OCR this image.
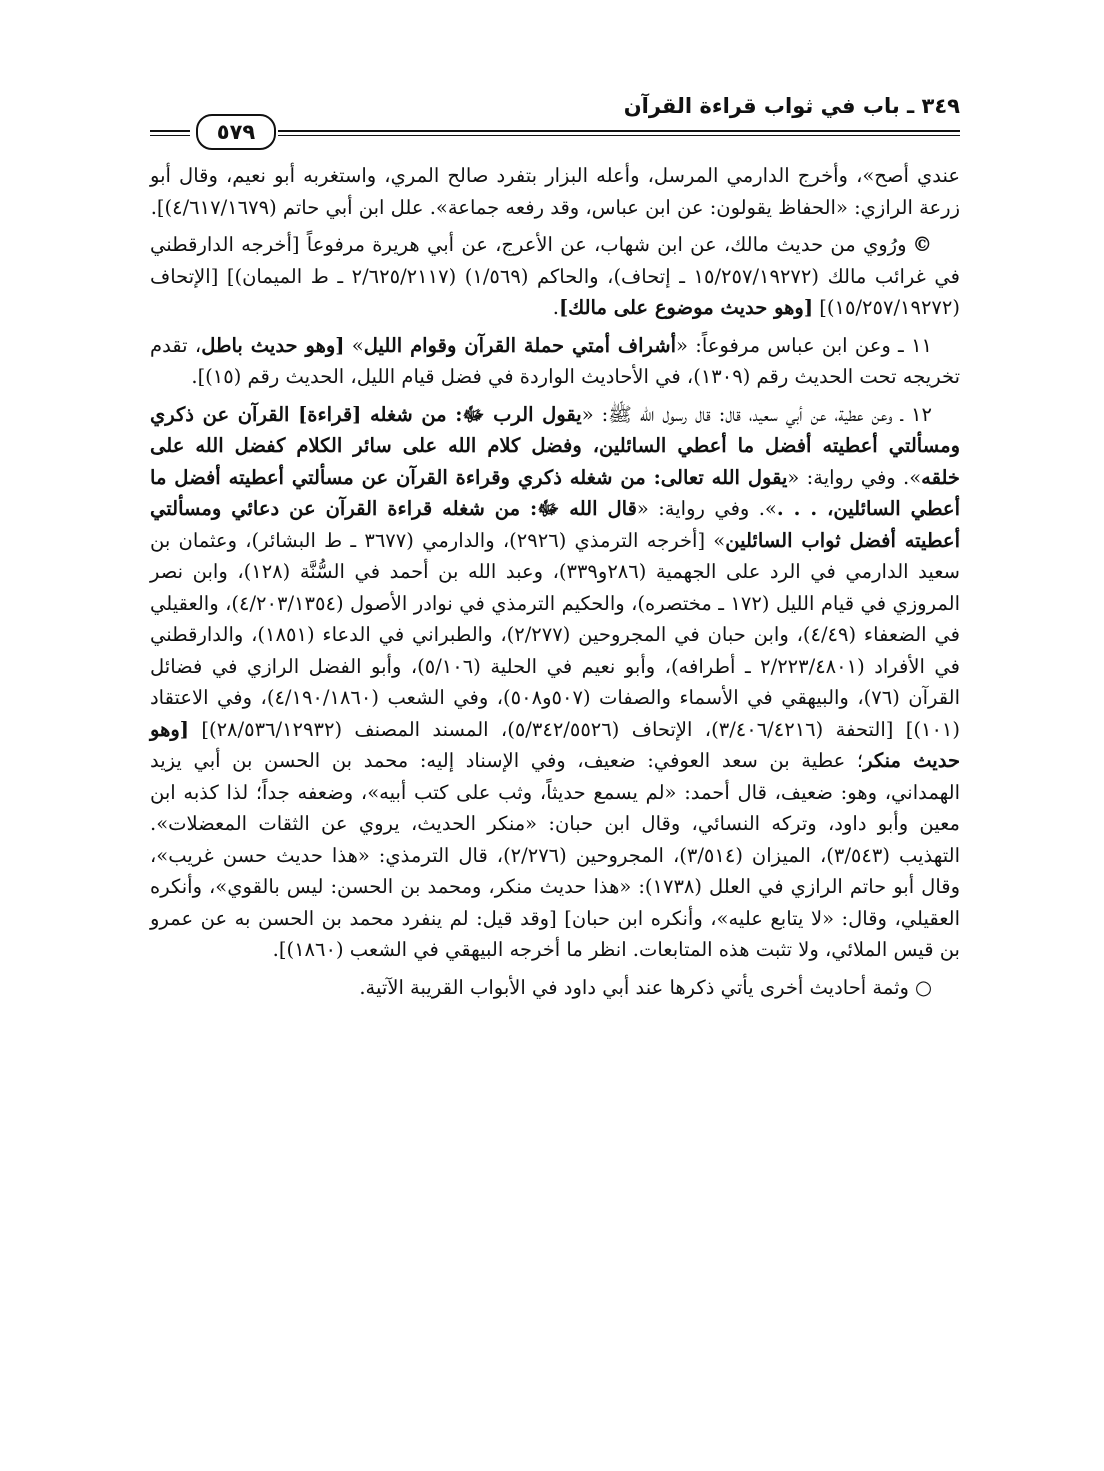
٣٤٩ ـ باب في ثواب قراءة القرآن
٥٧٩

عندي أصح»، وأخرج الدارمي المرسل، وأعله البزار بتفرد صالح المري، واستغربه أبو نعيم، وقال أبو زرعة الرازي: «الحفاظ يقولون: عن ابن عباس، وقد رفعه جماعة». علل ابن أبي حاتم (٤/٦١٧/١٦٧٩)].

©ورُوي من حديث مالك، عن ابن شهاب، عن الأعرج، عن أبي هريرة مرفوعاً [أخرجه الدارقطني في غرائب مالك (١٥/٢٥٧/١٩٢٧٢ ـ إتحاف)، والحاكم (١/٥٦٩) (٢/٦٢٥/٢١١٧ ـ ط الميمان)] [الإتحاف (١٥/٢٥٧/١٩٢٧٢)] [وهو حديث موضوع على مالك].

١١ ـ وعن ابن عباس مرفوعاً: «أشراف أمتي حملة القرآن وقوام الليل» [وهو حديث باطل، تقدم تخريجه تحت الحديث رقم (١٣٠٩)، في الأحاديث الواردة في فضل قيام الليل، الحديث رقم (١٥)].

١٢ ـ وعن عطية، عن أبي سعيد، قال: قال رسول الله ﷺ: «يقول الرب ﷻ: من شغله [قراءة] القرآن عن ذكري ومسألتي أعطيته أفضل ما أعطي السائلين، وفضل كلام الله على سائر الكلام كفضل الله على خلقه». وفي رواية: «يقول الله تعالى: من شغله ذكري وقراءة القرآن عن مسألتي أعطيته أفضل ما أعطي السائلين، . . .». وفي رواية: «قال الله ﷻ: من شغله قراءة القرآن عن دعائي ومسألتي أعطيته أفضل ثواب السائلين» [أخرجه الترمذي (٢٩٢٦)، والدارمي (٣٦٧٧ ـ ط البشائر)، وعثمان بن سعيد الدارمي في الرد على الجهمية (٢٨٦و٣٣٩)، وعبد الله بن أحمد في السُّنَّة (١٢٨)، وابن نصر المروزي في قيام الليل (١٧٢ ـ مختصره)، والحكيم الترمذي في نوادر الأصول (٤/٢٠٣/١٣٥٤)، والعقيلي في الضعفاء (٤/٤٩)، وابن حبان في المجروحين (٢/٢٧٧)، والطبراني في الدعاء (١٨٥١)، والدارقطني في الأفراد (٢/٢٢٣/٤٨٠١ ـ أطرافه)، وأبو نعيم في الحلية (٥/١٠٦)، وأبو الفضل الرازي في فضائل القرآن (٧٦)، والبيهقي في الأسماء والصفات (٥٠٧و٥٠٨)، وفي الشعب (٤/١٩٠/١٨٦٠)، وفي الاعتقاد (١٠١)] [التحفة (٣/٤٠٦/٤٢١٦)، الإتحاف (٥/٣٤٢/٥٥٢٦)، المسند المصنف (٢٨/٥٣٦/١٢٩٣٢)] [وهو حديث منكر؛ عطية بن سعد العوفي: ضعيف، وفي الإسناد إليه: محمد بن الحسن بن أبي يزيد الهمداني، وهو: ضعيف، قال أحمد: «لم يسمع حديثاً، وثب على كتب أبيه»، وضعفه جداً؛ لذا كذبه ابن معين وأبو داود، وتركه النسائي، وقال ابن حبان: «منكر الحديث، يروي عن الثقات المعضلات». التهذيب (٣/٥٤٣)، الميزان (٣/٥١٤)، المجروحين (٢/٢٧٦)، قال الترمذي: «هذا حديث حسن غريب»، وقال أبو حاتم الرازي في العلل (١٧٣٨): «هذا حديث منكر، ومحمد بن الحسن: ليس بالقوي»، وأنكره العقيلي، وقال: «لا يتابع عليه»، وأنكره ابن حبان] [وقد قيل: لم ينفرد محمد بن الحسن به عن عمرو بن قيس الملائي، ولا تثبت هذه المتابعات. انظر ما أخرجه البيهقي في الشعب (١٨٦٠)].

○وثمة أحاديث أخرى يأتي ذكرها عند أبي داود في الأبواب القريبة الآتية.
